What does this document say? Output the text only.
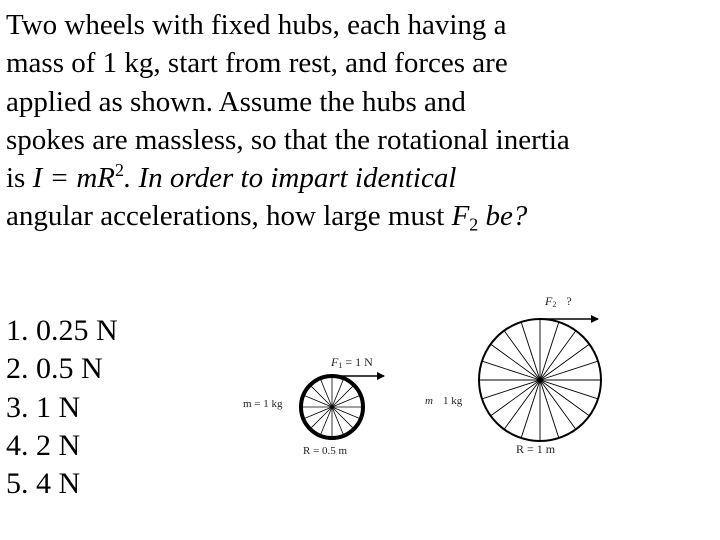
Two wheels with fixed hubs, each having a
mass of 1 kg, start from rest, and forces are
applied as shown. Assume the hubs and
spokes are massless, so that the rotational inertia
is $I = mR^2$. In order to impart identical
angular accelerations, how large must $F_2$ be?
1. 0.25 N
2. 0.5 N
3. 1 N
4. 2 N
5. 4 N
F1 = 1 N
m = 1 kg
R = 0.5 m
F2 ?
m 1 kg
R = 1 m
